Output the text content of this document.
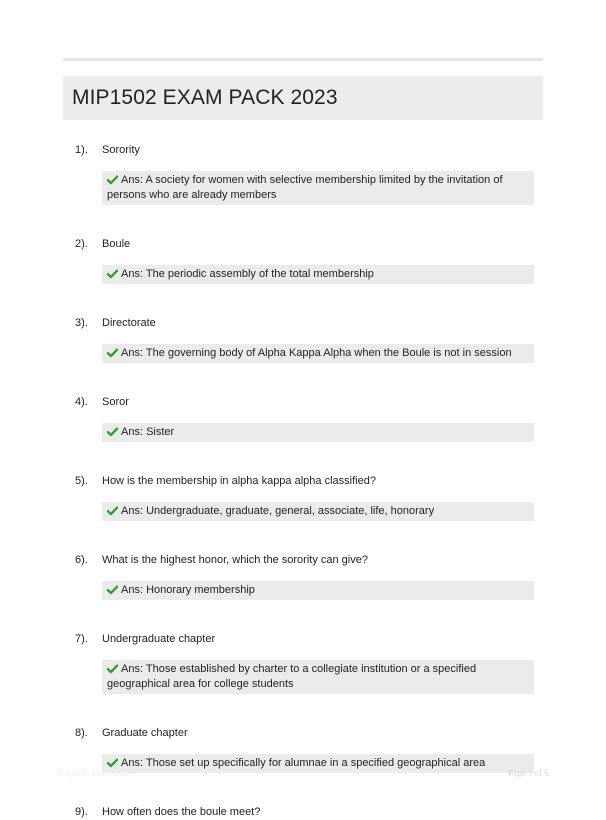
MIP1502 EXAM PACK 2023
1).	Sorority
Ans: A society for women with selective membership limited by the invitation of persons who are already members
2).	Boule
Ans: The periodic assembly of the total membership
3).	Directorate
Ans: The governing body of Alpha Kappa Alpha when the Boule is not in session
4).	Soror
Ans: Sister
5).	How is the membership in alpha kappa alpha classified?
Ans: Undergraduate, graduate, general, associate, life, honorary
6).	What is the highest honor, which the sorority can give?
Ans: Honorary membership
7).	Undergraduate chapter
Ans: Those established by charter to a collegiate institution or a specified geographical area for college students
8).	Graduate chapter
Ans: Those set up specifically for alumnae in a specified geographical area
9).	How often does the boule meet?
PaperBrilliant.com	Page 1 of 6
